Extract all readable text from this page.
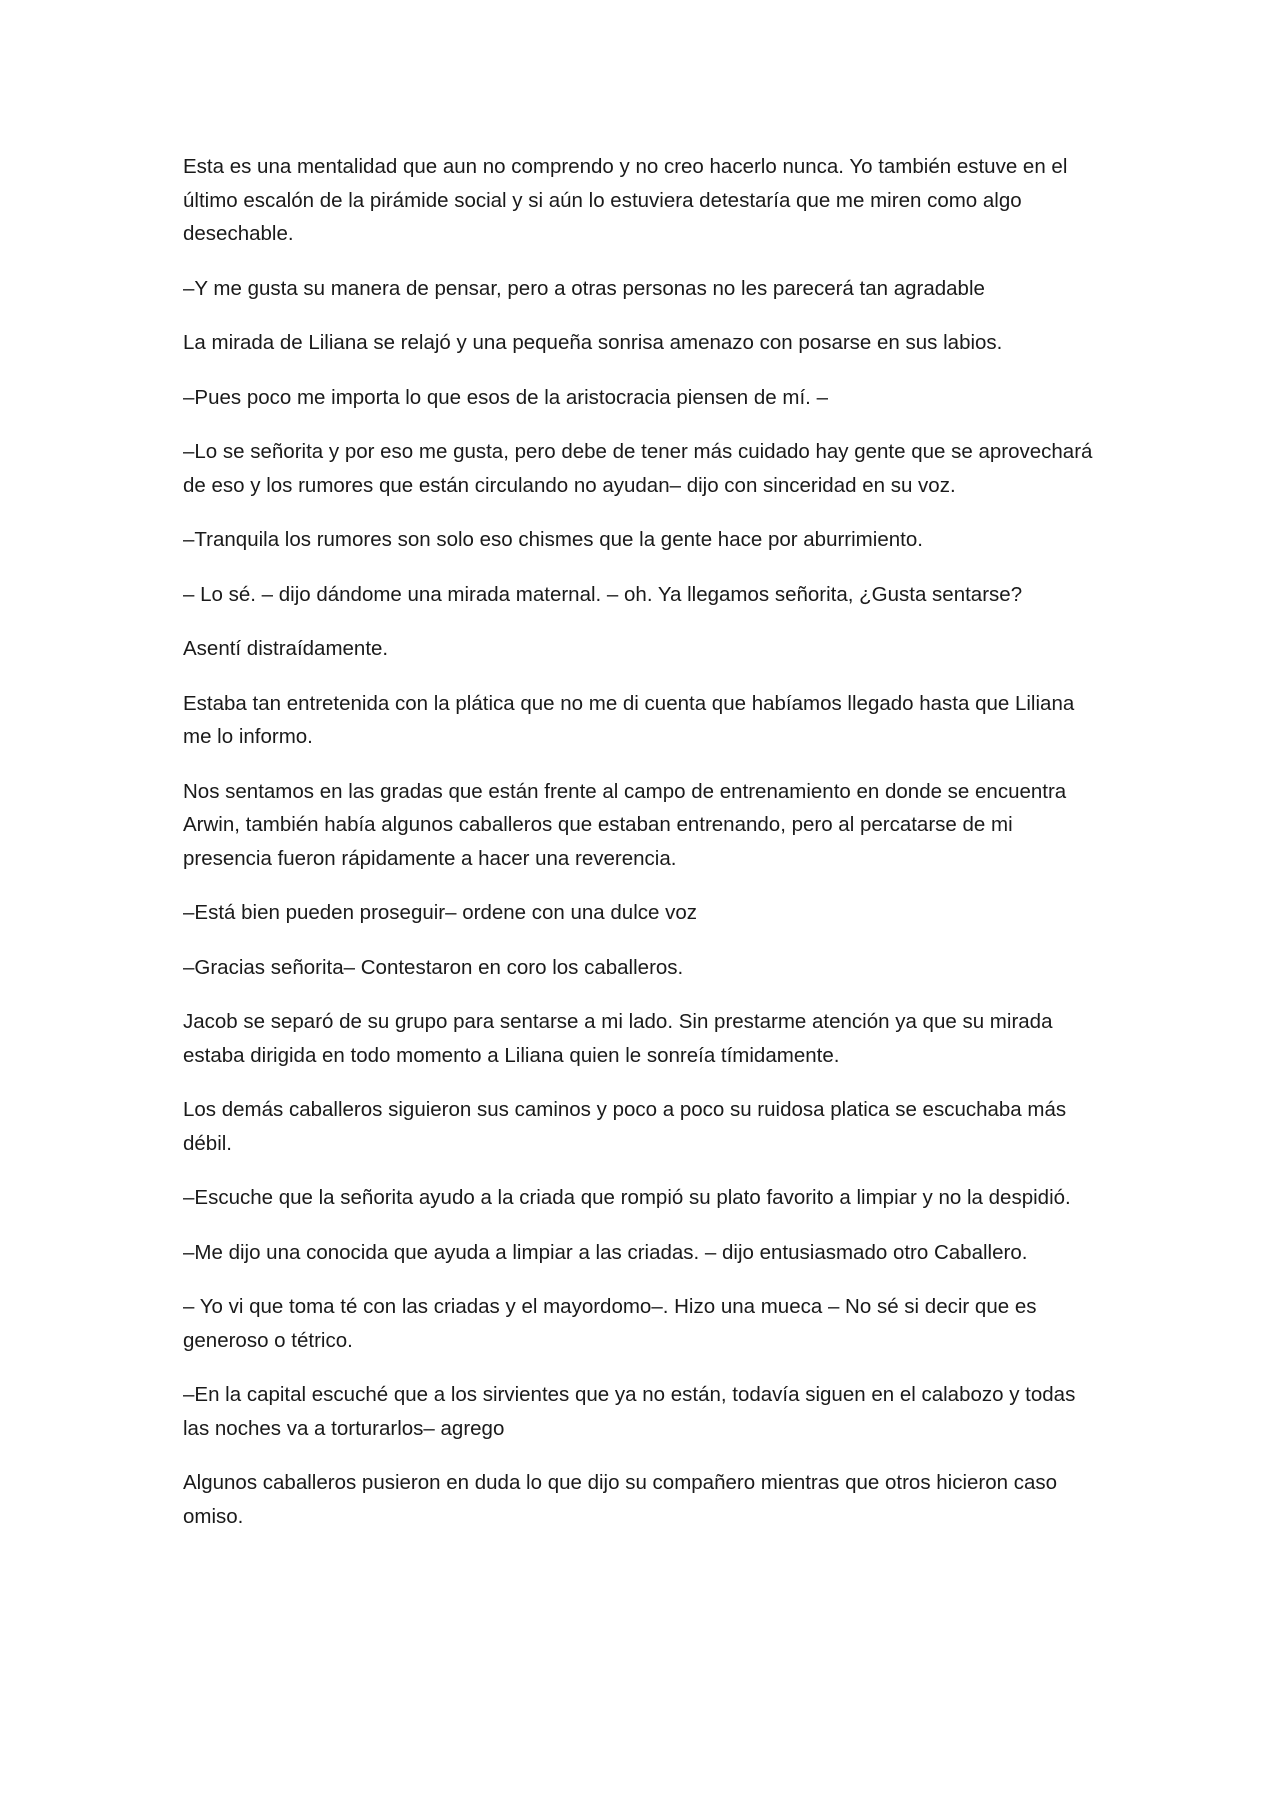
Esta es una mentalidad que aun no comprendo y no creo hacerlo nunca. Yo también estuve en el último escalón de la pirámide social y si aún lo estuviera detestaría que me miren como algo desechable.

–Y me gusta su manera de pensar, pero a otras personas no les parecerá tan agradable

La mirada de Liliana se relajó y una pequeña sonrisa amenazo con posarse en sus labios.

–Pues poco me importa lo que esos de la aristocracia piensen de mí. –

–Lo se señorita y por eso me gusta, pero debe de tener más cuidado hay gente que se aprovechará de eso y los rumores que están circulando no ayudan– dijo con sinceridad en su voz.

–Tranquila los rumores son solo eso chismes que la gente hace por aburrimiento.

– Lo sé. – dijo dándome una mirada maternal. – oh. Ya llegamos señorita, ¿Gusta sentarse?

Asentí distraídamente.

Estaba tan entretenida con la plática que no me di cuenta que habíamos llegado hasta que Liliana me lo informo.

Nos sentamos en las gradas que están frente al campo de entrenamiento en donde se encuentra Arwin, también había algunos caballeros que estaban entrenando, pero al percatarse de mi presencia fueron rápidamente a hacer una reverencia.

–Está bien pueden proseguir– ordene con una dulce voz

–Gracias señorita– Contestaron en coro los caballeros.

Jacob se separó de su grupo para sentarse a mi lado. Sin prestarme atención ya que su mirada estaba dirigida en todo momento a Liliana quien le sonreía tímidamente.

Los demás caballeros siguieron sus caminos y poco a poco su ruidosa platica se escuchaba más débil.

–Escuche que la señorita ayudo a la criada que rompió su plato favorito a limpiar y no la despidió.

–Me dijo una conocida que ayuda a limpiar a las criadas. – dijo entusiasmado otro Caballero.

– Yo vi que toma té con las criadas y el mayordomo–. Hizo una mueca – No sé si decir que es generoso o tétrico.

–En la capital escuché que a los sirvientes que ya no están, todavía siguen en el calabozo y todas las noches va a torturarlos– agrego

Algunos caballeros pusieron en duda lo que dijo su compañero mientras que otros hicieron caso omiso.
